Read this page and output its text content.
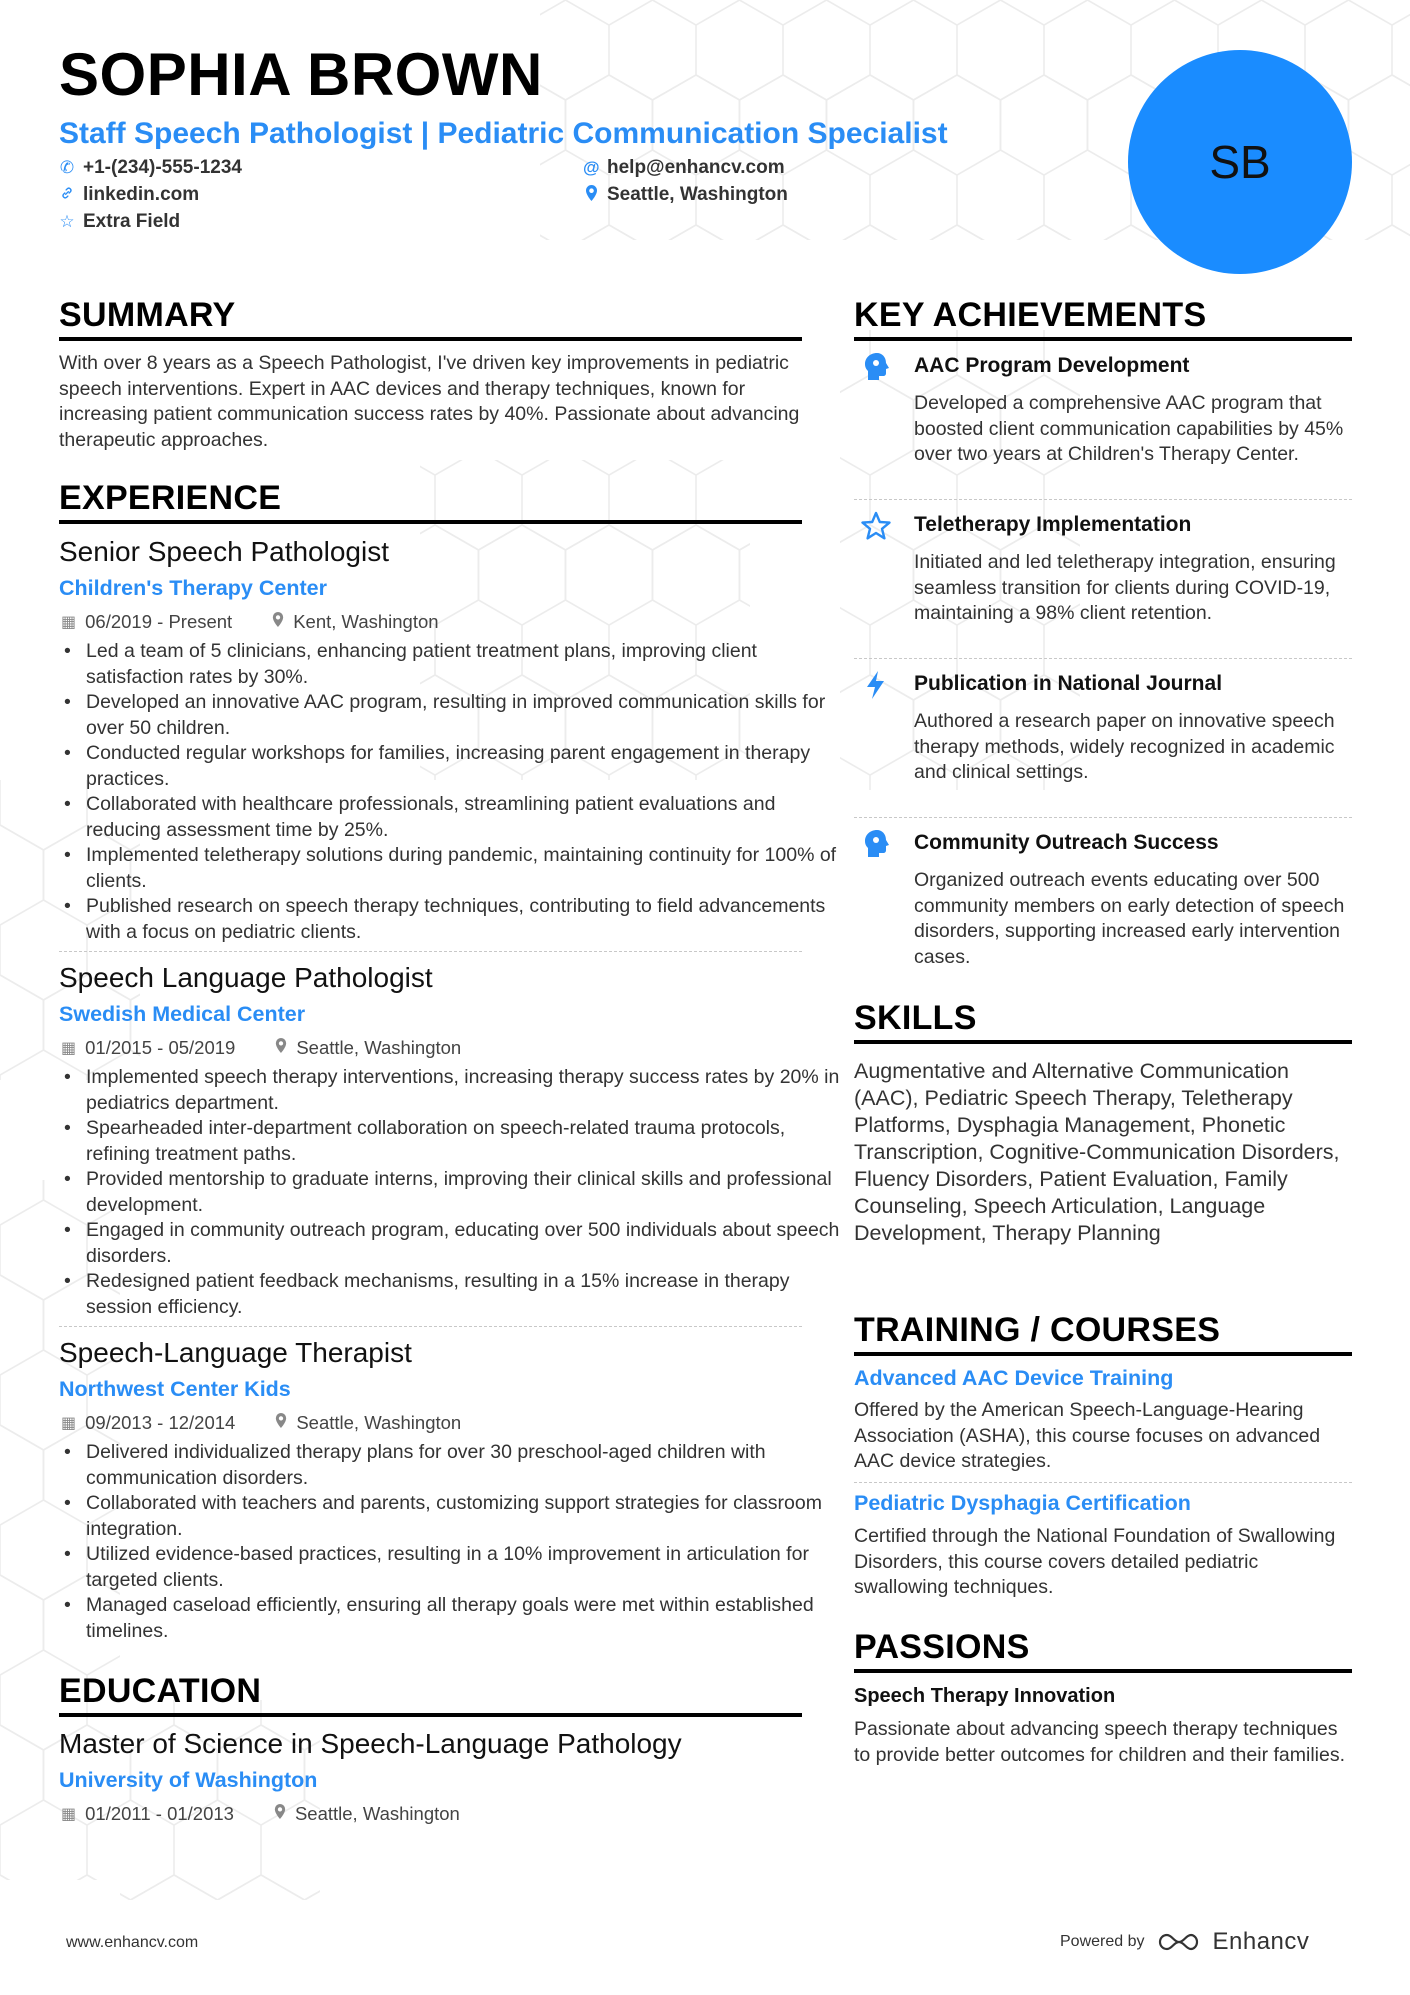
SOPHIA BROWN
Staff Speech Pathologist | Pediatric Communication Specialist
✆ +1-(234)-555-1234	@ help@enhancv.com
linkedin.com	Seattle, Washington
☆ Extra Field
SB
SUMMARY
With over 8 years as a Speech Pathologist, I've driven key improvements in pediatric speech interventions. Expert in AAC devices and therapy techniques, known for increasing patient communication success rates by 40%. Passionate about advancing therapeutic approaches.
EXPERIENCE
Senior Speech Pathologist
Children's Therapy Center
▦ 06/2019 - Present	Kent, Washington
• Led a team of 5 clinicians, enhancing patient treatment plans, improving client satisfaction rates by 30%.
• Developed an innovative AAC program, resulting in improved communication skills for over 50 children.
• Conducted regular workshops for families, increasing parent engagement in therapy practices.
• Collaborated with healthcare professionals, streamlining patient evaluations and reducing assessment time by 25%.
• Implemented teletherapy solutions during pandemic, maintaining continuity for 100% of clients.
• Published research on speech therapy techniques, contributing to field advancements with a focus on pediatric clients.
Speech Language Pathologist
Swedish Medical Center
▦ 01/2015 - 05/2019	Seattle, Washington
• Implemented speech therapy interventions, increasing therapy success rates by 20% in pediatrics department.
• Spearheaded inter-department collaboration on speech-related trauma protocols, refining treatment paths.
• Provided mentorship to graduate interns, improving their clinical skills and professional development.
• Engaged in community outreach program, educating over 500 individuals about speech disorders.
• Redesigned patient feedback mechanisms, resulting in a 15% increase in therapy session efficiency.
Speech-Language Therapist
Northwest Center Kids
▦ 09/2013 - 12/2014	Seattle, Washington
• Delivered individualized therapy plans for over 30 preschool-aged children with communication disorders.
• Collaborated with teachers and parents, customizing support strategies for classroom integration.
• Utilized evidence-based practices, resulting in a 10% improvement in articulation for targeted clients.
• Managed caseload efficiently, ensuring all therapy goals were met within established timelines.
EDUCATION
Master of Science in Speech-Language Pathology
University of Washington
▦ 01/2011 - 01/2013	Seattle, Washington
KEY ACHIEVEMENTS
AAC Program Development
Developed a comprehensive AAC program that boosted client communication capabilities by 45% over two years at Children's Therapy Center.
Teletherapy Implementation
Initiated and led teletherapy integration, ensuring seamless transition for clients during COVID-19, maintaining a 98% client retention.
Publication in National Journal
Authored a research paper on innovative speech therapy methods, widely recognized in academic and clinical settings.
Community Outreach Success
Organized outreach events educating over 500 community members on early detection of speech disorders, supporting increased early intervention cases.
SKILLS
Augmentative and Alternative Communication (AAC), Pediatric Speech Therapy, Teletherapy Platforms, Dysphagia Management, Phonetic Transcription, Cognitive-Communication Disorders, Fluency Disorders, Patient Evaluation, Family Counseling, Speech Articulation, Language Development, Therapy Planning
TRAINING / COURSES
Advanced AAC Device Training
Offered by the American Speech-Language-Hearing Association (ASHA), this course focuses on advanced AAC device strategies.
Pediatric Dysphagia Certification
Certified through the National Foundation of Swallowing Disorders, this course covers detailed pediatric swallowing techniques.
PASSIONS
Speech Therapy Innovation
Passionate about advancing speech therapy techniques to provide better outcomes for children and their families.
www.enhancv.com	Powered by	Enhancv
